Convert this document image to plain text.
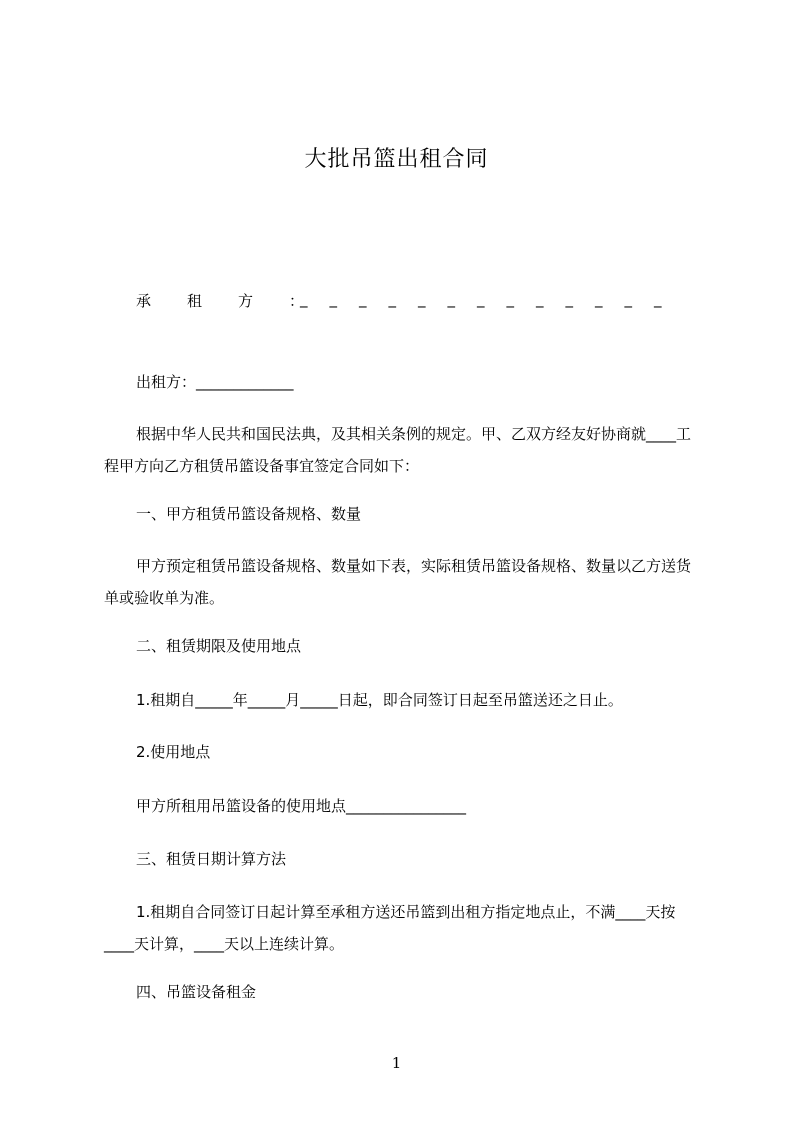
大批吊篮出租合同
承租方：
_____________
出租方：_____________
根据中华人民共和国民法典，及其相关条例的规定。甲、乙双方经友好协商就____工程甲方向乙方租赁吊篮设备事宜签定合同如下：
一、甲方租赁吊篮设备规格、数量
甲方预定租赁吊篮设备规格、数量如下表，实际租赁吊篮设备规格、数量以乙方送货单或验收单为准。
二、租赁期限及使用地点
1.租期自_____年_____月_____日起，即合同签订日起至吊篮送还之日止。
2.使用地点
甲方所租用吊篮设备的使用地点________________
三、租赁日期计算方法
1.租期自合同签订日起计算至承租方送还吊篮到出租方指定地点止，不满____天按____天计算，____天以上连续计算。
四、吊篮设备租金
1
